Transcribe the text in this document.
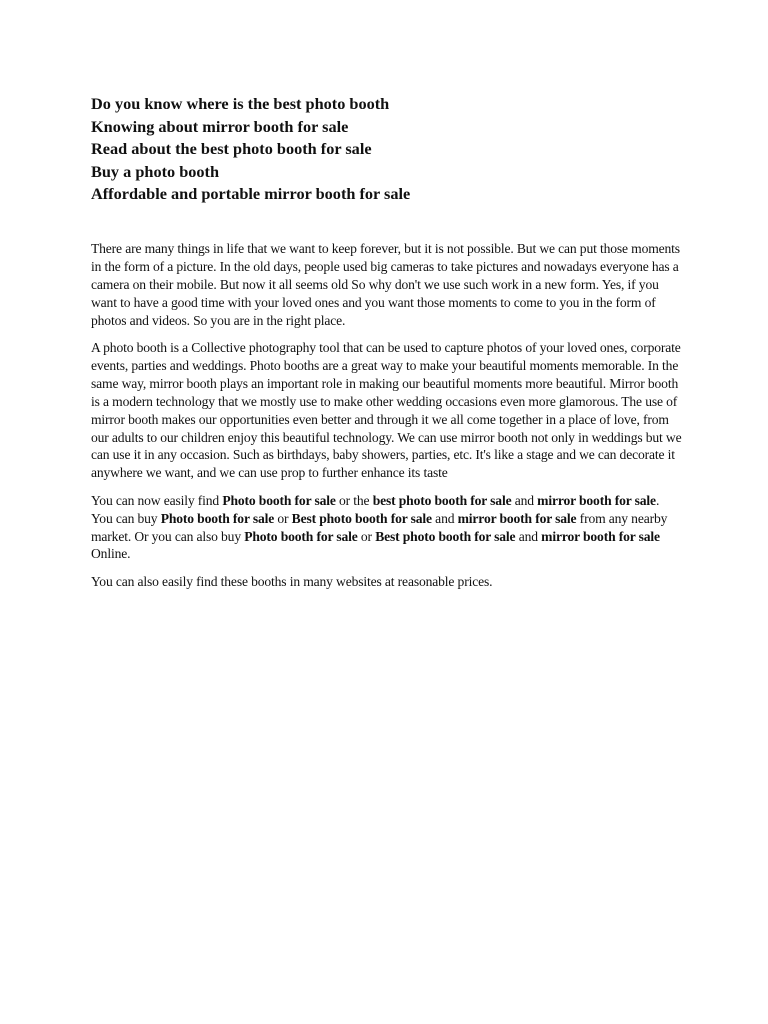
Do you know where is the best photo booth
Knowing about mirror booth for sale
Read about the best photo booth for sale
Buy a photo booth
Affordable and portable mirror booth for sale

There are many things in life that we want to keep forever, but it is not possible. But we can put those moments in the form of a picture. In the old days, people used big cameras to take pictures and nowadays everyone has a camera on their mobile. But now it all seems old So why don't we use such work in a new form. Yes, if you want to have a good time with your loved ones and you want those moments to come to you in the form of photos and videos. So you are in the right place.

A photo booth is a Collective photography tool that can be used to capture photos of your loved ones, corporate events, parties and weddings. Photo booths are a great way to make your beautiful moments memorable. In the same way, mirror booth plays an important role in making our beautiful moments more beautiful. Mirror booth is a modern technology that we mostly use to make other wedding occasions even more glamorous. The use of mirror booth makes our opportunities even better and through it we all come together in a place of love, from our adults to our children enjoy this beautiful technology. We can use mirror booth not only in weddings but we can use it in any occasion. Such as birthdays, baby showers, parties, etc. It's like a stage and we can decorate it anywhere we want, and we can use prop to further enhance its taste

You can now easily find Photo booth for sale or the best photo booth for sale and mirror booth for sale. You can buy Photo booth for sale or Best photo booth for sale and mirror booth for sale from any nearby market. Or you can also buy Photo booth for sale or Best photo booth for sale and mirror booth for sale Online.

You can also easily find these booths in many websites at reasonable prices.
